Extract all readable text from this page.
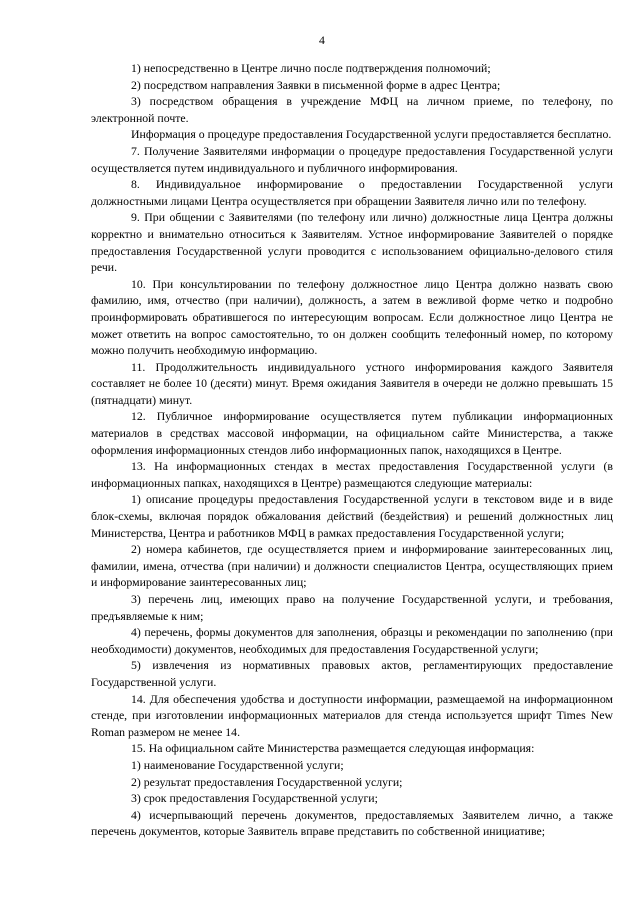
4

1) непосредственно в Центре лично после подтверждения полномочий;

2) посредством направления Заявки в письменной форме в адрес Центра;

3) посредством обращения в учреждение МФЦ на личном приеме, по телефону, по электронной почте.

Информация о процедуре предоставления Государственной услуги предоставляется бесплатно.

7. Получение Заявителями информации о процедуре предоставления Государственной услуги осуществляется путем индивидуального и публичного информирования.

8. Индивидуальное информирование о предоставлении Государственной услуги должностными лицами Центра осуществляется при обращении Заявителя лично или по телефону.

9. При общении с Заявителями (по телефону или лично) должностные лица Центра должны корректно и внимательно относиться к Заявителям. Устное информирование Заявителей о порядке предоставления Государственной услуги проводится с использованием официально-делового стиля речи.

10. При консультировании по телефону должностное лицо Центра должно назвать свою фамилию, имя, отчество (при наличии), должность, а затем в вежливой форме четко и подробно проинформировать обратившегося по интересующим вопросам. Если должностное лицо Центра не может ответить на вопрос самостоятельно, то он должен сообщить телефонный номер, по которому можно получить необходимую информацию.

11. Продолжительность индивидуального устного информирования каждого Заявителя составляет не более 10 (десяти) минут. Время ожидания Заявителя в очереди не должно превышать 15 (пятнадцати) минут.

12. Публичное информирование осуществляется путем публикации информационных материалов в средствах массовой информации, на официальном сайте Министерства, а также оформления информационных стендов либо информационных папок, находящихся в Центре.

13. На информационных стендах в местах предоставления Государственной услуги (в информационных папках, находящихся в Центре) размещаются следующие материалы:

1) описание процедуры предоставления Государственной услуги в текстовом виде и в виде блок-схемы, включая порядок обжалования действий (бездействия) и решений должностных лиц Министерства, Центра и работников МФЦ в рамках предоставления Государственной услуги;

2) номера кабинетов, где осуществляется прием и информирование заинтересованных лиц, фамилии, имена, отчества (при наличии) и должности специалистов Центра, осуществляющих прием и информирование заинтересованных лиц;

3) перечень лиц, имеющих право на получение Государственной услуги, и требования, предъявляемые к ним;

4) перечень, формы документов для заполнения, образцы и рекомендации по заполнению (при необходимости) документов, необходимых для предоставления Государственной услуги;

5) извлечения из нормативных правовых актов, регламентирующих предоставление Государственной услуги.

14. Для обеспечения удобства и доступности информации, размещаемой на информационном стенде, при изготовлении информационных материалов для стенда используется шрифт Times New Roman размером не менее 14.

15. На официальном сайте Министерства размещается следующая информация:

1) наименование Государственной услуги;

2) результат предоставления Государственной услуги;

3) срок предоставления Государственной услуги;

4) исчерпывающий перечень документов, предоставляемых Заявителем лично, а также перечень документов, которые Заявитель вправе представить по собственной инициативе;
